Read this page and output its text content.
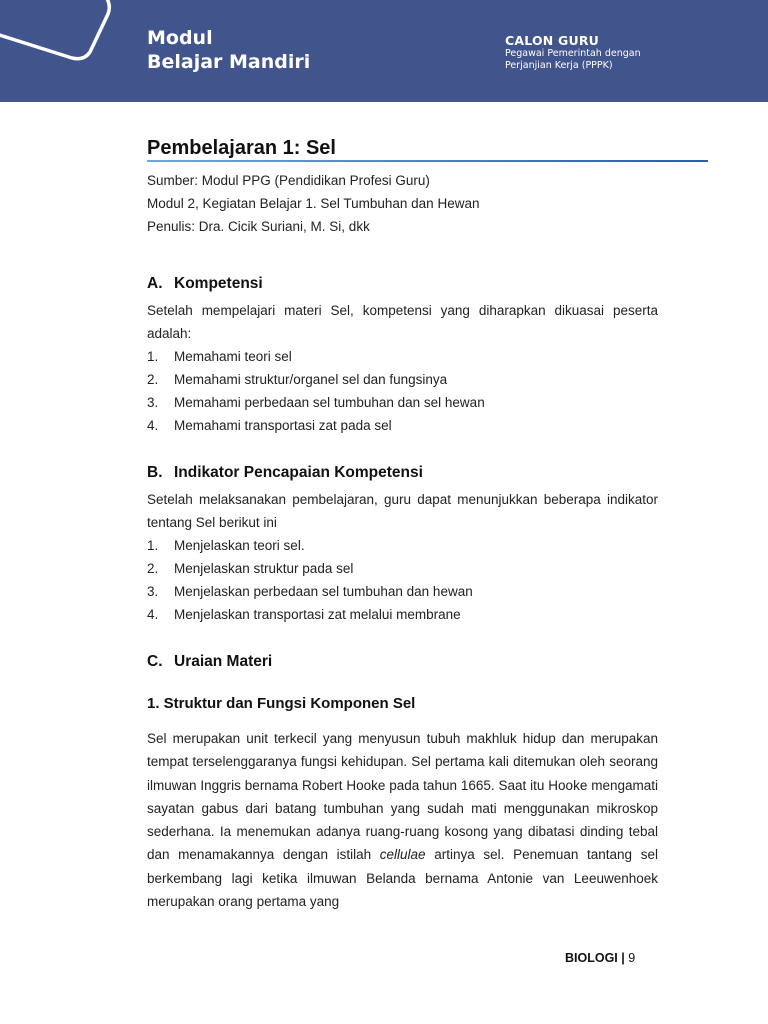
Modul
Belajar Mandiri
CALON GURU
Pegawai Pemerintah dengan
Perjanjian Kerja (PPPK)
Pembelajaran 1: Sel
Sumber: Modul PPG (Pendidikan Profesi Guru)
Modul 2, Kegiatan Belajar 1. Sel Tumbuhan dan Hewan
Penulis: Dra. Cicik Suriani, M. Si, dkk
A. Kompetensi
Setelah mempelajari materi Sel, kompetensi yang diharapkan dikuasai peserta adalah:
1.	Memahami teori sel
2.	Memahami struktur/organel sel dan fungsinya
3.	Memahami perbedaan sel tumbuhan dan sel hewan
4.	Memahami transportasi zat pada sel
B. Indikator Pencapaian Kompetensi
Setelah melaksanakan pembelajaran, guru dapat menunjukkan beberapa indikator tentang Sel berikut ini
1.	Menjelaskan teori sel.
2.	Menjelaskan struktur pada sel
3.	Menjelaskan perbedaan sel tumbuhan dan hewan
4.	Menjelaskan transportasi zat melalui membrane
C. Uraian Materi
1. Struktur dan Fungsi Komponen Sel
Sel merupakan unit terkecil yang menyusun tubuh makhluk hidup dan merupakan tempat terselenggaranya fungsi kehidupan. Sel pertama kali ditemukan oleh seorang ilmuwan Inggris bernama Robert Hooke pada tahun 1665. Saat itu Hooke mengamati sayatan gabus dari batang tumbuhan yang sudah mati menggunakan mikroskop sederhana. Ia menemukan adanya ruang-ruang kosong yang dibatasi dinding tebal dan menamakannya dengan istilah cellulae artinya sel. Penemuan tantang sel berkembang lagi ketika ilmuwan Belanda bernama Antonie van Leeuwenhoek merupakan orang pertama yang
BIOLOGI | 9
